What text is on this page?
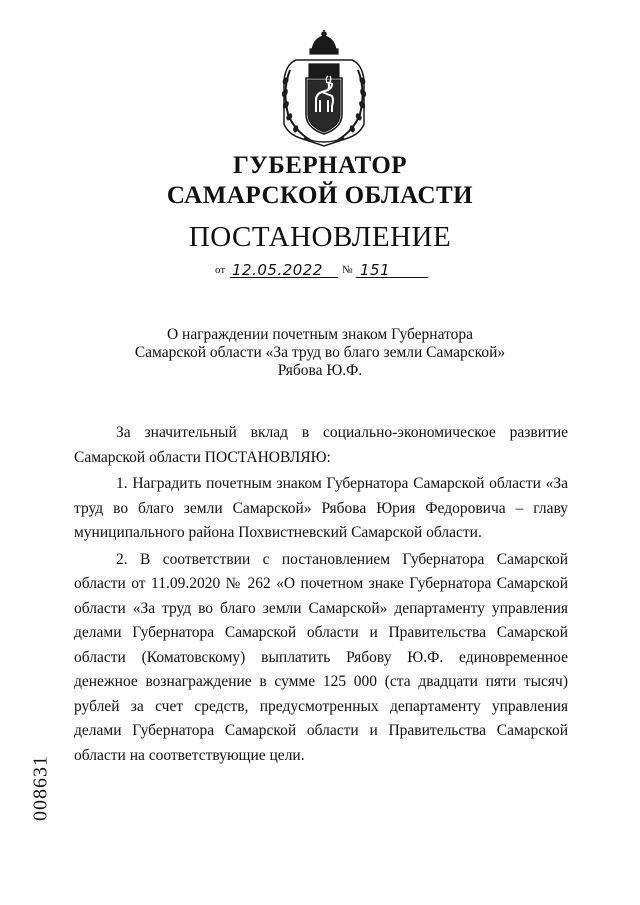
ГУБЕРНАТОР
САМАРСКОЙ ОБЛАСТИ
ПОСТАНОВЛЕНИЕ
от 12.05.2022 № 151
О награждении почетным знаком Губернатора
Самарской области «За труд во благо земли Самарской»
Рябова Ю.Ф.

За значительный вклад в социально-экономическое развитие Самарской области ПОСТАНОВЛЯЮ:

1. Наградить почетным знаком Губернатора Самарской области «За труд во благо земли Самарской» Рябова Юрия Федоровича – главу муниципального района Похвистневский Самарской области.

2. В соответствии с постановлением Губернатора Самарской области от 11.09.2020 № 262 «О почетном знаке Губернатора Самарской области «За труд во благо земли Самарской» департаменту управления делами Губернатора Самарской области и Правительства Самарской области (Коматовскому) выплатить Рябову Ю.Ф. единовременное денежное вознаграждение в сумме 125 000 (ста двадцати пяти тысяч) рублей за счет средств, предусмотренных департаменту управления делами Губернатора Самарской области и Правительства Самарской области на соответствующие цели.

008631
